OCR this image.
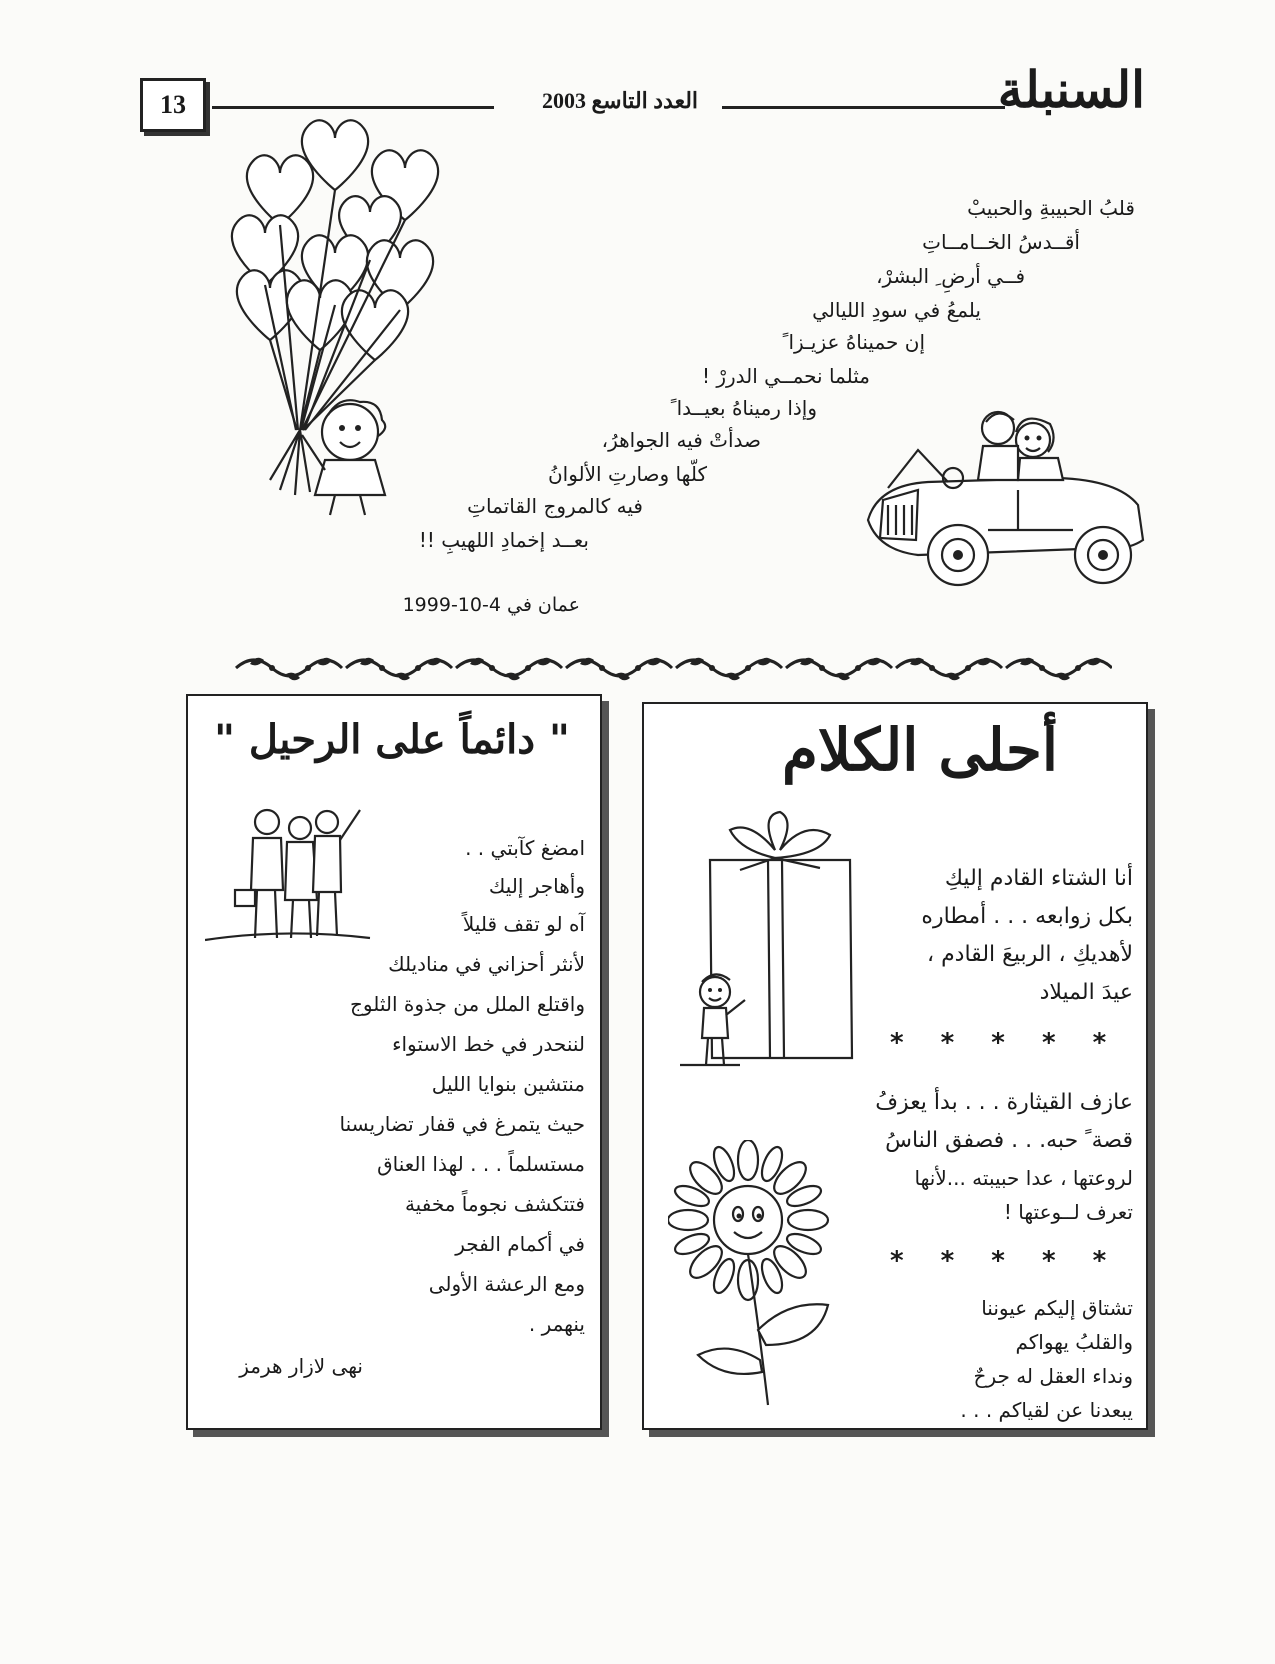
13	العدد التاسع 2003	السنبلة
قلبُ الحبيبةِ والحبيبْ
أقــدسُ الخــامــاتِ
فــي أرضِ ِ البشرْ،
يلمعُ في سودِ الليالي
إن حميناهُ عزيـزا ً
مثلما نحمــي الدررْ !
وإذا رميناهُ بعيــدا ً
صدأتْ فيه الجواهرُ،
كلّها وصارتِ الألوانُ
فيه كالمروج القاتماتِ
بعــد إخمادِ اللهيبِ !!
عمان في 4-10-1999
" دائماً على الرحيل "
امضغ كآبتي . .
وأهاجر إليك
آه لو تقف قليلاً
لأنثر أحزاني في مناديلك
واقتلع الملل من جذوة الثلوج
لننحدر في خط الاستواء
منتشين بنوايا الليل
حيث يتمرغ في قفار تضاريسنا
مستسلماً . . . لهذا العناق
فتتكشف نجوماً مخفية
في أكمام الفجر
ومع الرعشة الأولى
ينهمر .
نهى لازار هرمز
أحلى الكلام
أنا الشتاء القادم إليكِ
بكل زوابعه . . . أمطاره
لأهديكِ ، الربيعَ القادم ،
عيدَ الميلاد
* * * * *
عازف القيثارة . . . بدأ يعزفُ
قصة ً حبه. . . فصفق الناسُ
لروعتها ، عدا حبيبته ...لأنها
تعرف لــوعتها !
* * * * *
تشتاق إليكم عيوننا
والقلبُ يهواكم
ونداء العقل له جرحٌ
يبعدنا عن لقياكم . . .
